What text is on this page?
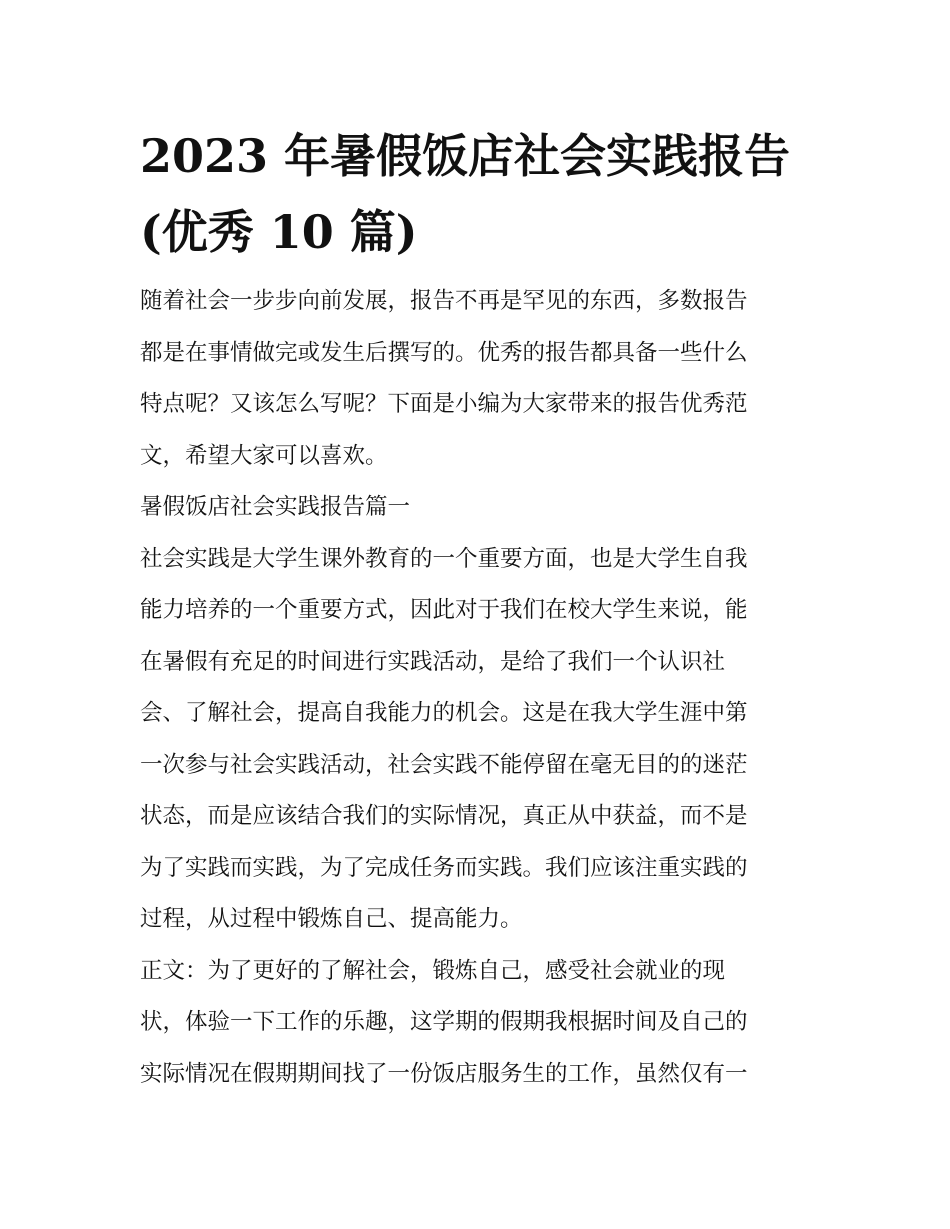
2023 年暑假饭店社会实践报告
(优秀 10 篇)
随着社会一步步向前发展，报告不再是罕见的东西，多数报告
都是在事情做完或发生后撰写的。优秀的报告都具备一些什么
特点呢？又该怎么写呢？下面是小编为大家带来的报告优秀范
文，希望大家可以喜欢。
暑假饭店社会实践报告篇一
社会实践是大学生课外教育的一个重要方面，也是大学生自我
能力培养的一个重要方式，因此对于我们在校大学生来说，能
在暑假有充足的时间进行实践活动，是给了我们一个认识社
会、了解社会，提高自我能力的机会。这是在我大学生涯中第
一次参与社会实践活动，社会实践不能停留在毫无目的的迷茫
状态，而是应该结合我们的实际情况，真正从中获益，而不是
为了实践而实践，为了完成任务而实践。我们应该注重实践的
过程，从过程中锻炼自己、提高能力。
正文：为了更好的了解社会，锻炼自己，感受社会就业的现
状，体验一下工作的乐趣，这学期的假期我根据时间及自己的
实际情况在假期期间找了一份饭店服务生的工作，虽然仅有一
